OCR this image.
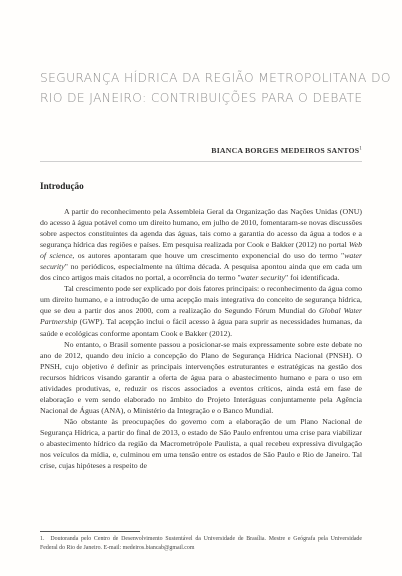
SEGURANÇA HÍDRICA DA REGIÃO METROPOLITANA DO
RIO DE JANEIRO: CONTRIBUIÇÕES PARA O DEBATE
BIANCA BORGES MEDEIROS SANTOS$^1$
Introdução

A partir do reconhecimento pela Assembleia Geral da Organização das Nações Unidas (ONU) do acesso à água potável como um direito humano, em julho de 2010, fomentaram-se novas discussões sobre aspectos constituintes da agenda das águas, tais como a garantia do acesso da água a todos e a segurança hídrica das regiões e países. Em pesquisa realizada por Cook e Bakker (2012) no portal Web of science, os autores apontaram que houve um crescimento exponencial do uso do termo "water security" no periódicos, especialmente na última década. A pesquisa apontou ainda que em cada um dos cinco artigos mais citados no portal, a ocorrência do termo "water security" foi identificada.

Tal crescimento pode ser explicado por dois fatores principais: o reconhecimento da água como um direito humano, e a introdução de uma acepção mais integrativa do conceito de segurança hídrica, que se deu a partir dos anos 2000, com a realização do Segundo Fórum Mundial do Global Water Partnership (GWP). Tal acepção inclui o fácil acesso à água para suprir as necessidades humanas, da saúde e ecológicas conforme apontam Cook e Bakker (2012).

No entanto, o Brasil somente passou a posicionar-se mais expressamente sobre este debate no ano de 2012, quando deu início a concepção do Plano de Segurança Hídrica Nacional (PNSH). O PNSH, cujo objetivo é definir as principais intervenções estruturantes e estratégicas na gestão dos recursos hídricos visando garantir a oferta de água para o abastecimento humano e para o uso em atividades produtivas, e, reduzir os riscos associados a eventos críticos, ainda está em fase de elaboração e vem sendo elaborado no âmbito do Projeto Interáguas conjuntamente pela Agência Nacional de Águas (ANA), o Ministério da Integração e o Banco Mundial.

Não obstante às preocupações do governo com a elaboração de um Plano Nacional de Segurança Hídrica, a partir do final de 2013, o estado de São Paulo enfrentou uma crise para viabilizar o abastecimento hídrico da região da Macrometrópole Paulista, a qual recebeu expressiva divulgação nos veículos da mídia, e, culminou em uma tensão entre os estados de São Paulo e Rio de Janeiro. Tal crise, cujas hipóteses a respeito de

1. Doutoranda pelo Centro de Desenvolvimento Sustentável da Universidade de Brasília. Mestre e Geógrafa pela Universidade Federal do Rio de Janeiro. E-mail: medeiros.biancab@gmail.com
